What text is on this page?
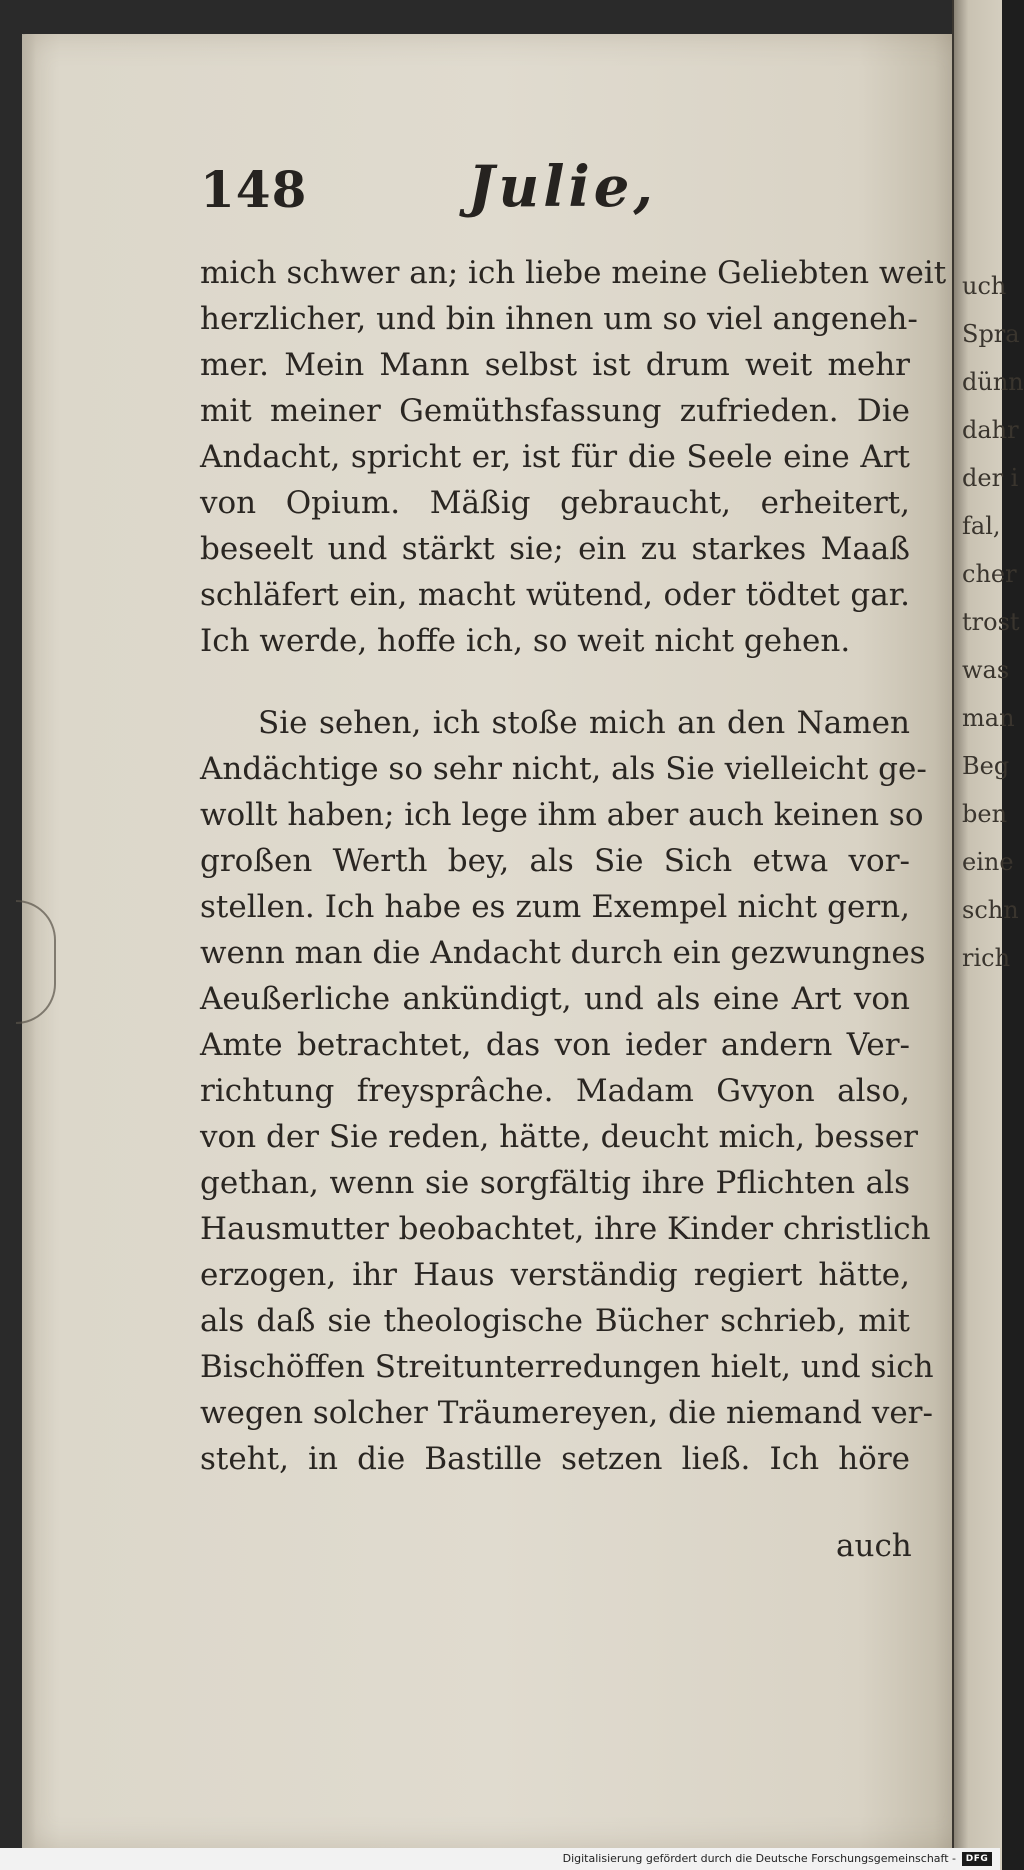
148	Julie,

mich schwer an; ich liebe meine Geliebten weit
herzlicher, und bin ihnen um so viel angeneh-
mer. Mein Mann selbst ist drum weit mehr
mit meiner Gemüthsfassung zufrieden. Die
Andacht, spricht er, ist für die Seele eine Art
von Opium. Mäßig gebraucht, erheitert,
beseelt und stärkt sie; ein zu starkes Maaß
schläfert ein, macht wütend, oder tödtet gar.
Ich werde, hoffe ich, so weit nicht gehen.

Sie sehen, ich stoße mich an den Namen
Andächtige so sehr nicht, als Sie vielleicht ge-
wollt haben; ich lege ihm aber auch keinen so
großen Werth bey, als Sie Sich etwa vor-
stellen. Ich habe es zum Exempel nicht gern,
wenn man die Andacht durch ein gezwungnes
Aeußerliche ankündigt, und als eine Art von
Amte betrachtet, das von ieder andern Ver-
richtung freysprâche. Madam Gvyon also,
von der Sie reden, hätte, deucht mich, besser
gethan, wenn sie sorgfältig ihre Pflichten als
Hausmutter beobachtet, ihre Kinder christlich
erzogen, ihr Haus verständig regiert hätte,
als daß sie theologische Bücher schrieb, mit
Bischöffen Streitunterredungen hielt, und sich
wegen solcher Träumereyen, die niemand ver-
steht, in die Bastille setzen ließ. Ich höre

auch
uch
Spra
dünn
dahr
der i
fal,
cher
trost
was
man
Beg
ben
eine
schn
rich
Digitalisierung gefördert durch die Deutsche Forschungsgemeinschaft -	DFG
